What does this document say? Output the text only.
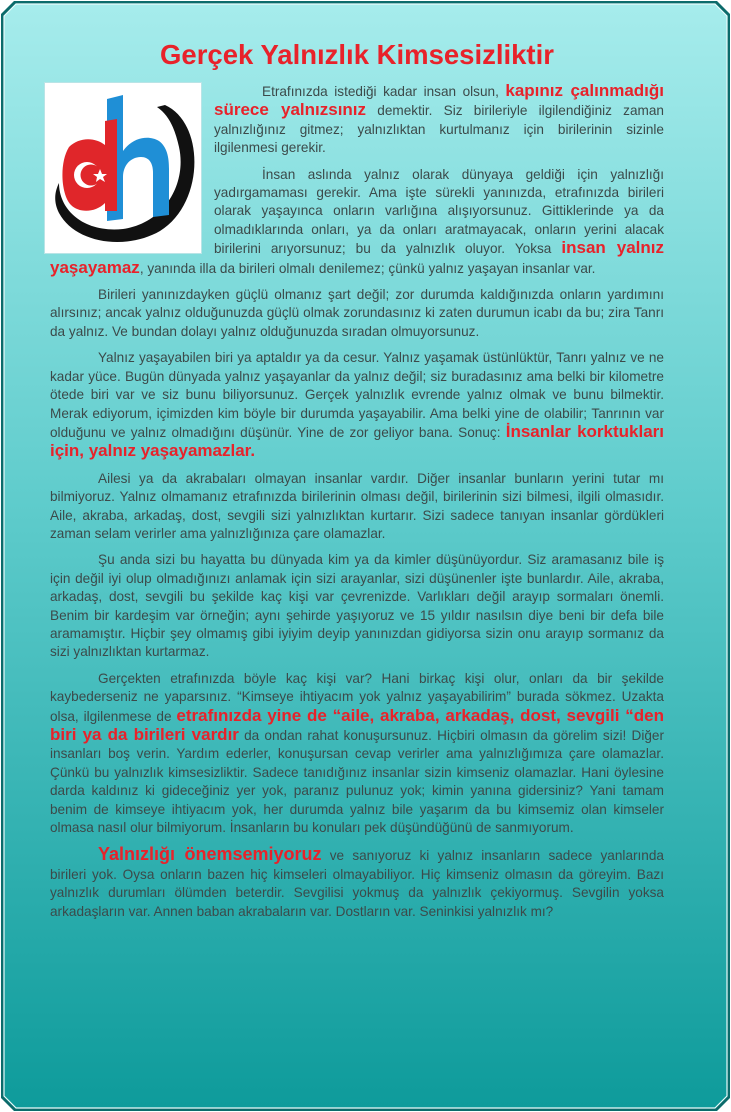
Gerçek Yalnızlık Kimsesizliktir

Etrafınızda istediği kadar insan olsun, kapınız çalınmadığı sürece yalnızsınız demektir. Siz birileriyle ilgilendiğiniz zaman yalnızlığınız gitmez; yalnızlıktan kurtulmanız için birilerinin sizinle ilgilenmesi gerekir.

İnsan aslında yalnız olarak dünyaya geldiği için yalnızlığı yadırgamaması gerekir. Ama işte sürekli yanınızda, etrafınızda birileri olarak yaşayınca onların varlığına alışıyorsunuz. Gittiklerinde ya da olmadıklarında onları, ya da onları aratmayacak, onların yerini alacak birilerini arıyorsunuz; bu da yalnızlık oluyor. Yoksa insan yalnız yaşayamaz, yanında illa da birileri olmalı denilemez; çünkü yalnız yaşayan insanlar var.

Birileri yanınızdayken güçlü olmanız şart değil; zor durumda kaldığınızda onların yardımını alırsınız; ancak yalnız olduğunuzda güçlü olmak zorundasınız ki zaten durumun icabı da bu; zira Tanrı da yalnız. Ve bundan dolayı yalnız olduğunuzda sıradan olmuyorsunuz.

Yalnız yaşayabilen biri ya aptaldır ya da cesur. Yalnız yaşamak üstünlüktür, Tanrı yalnız ve ne kadar yüce. Bugün dünyada yalnız yaşayanlar da yalnız değil; siz buradasınız ama belki bir kilometre ötede biri var ve siz bunu biliyorsunuz. Gerçek yalnızlık evrende yalnız olmak ve bunu bilmektir. Merak ediyorum, içimizden kim böyle bir durumda yaşayabilir. Ama belki yine de olabilir; Tanrının var olduğunu ve yalnız olmadığını düşünür. Yine de zor geliyor bana. Sonuç: İnsanlar korktukları için, yalnız yaşayamazlar.

Ailesi ya da akrabaları olmayan insanlar vardır. Diğer insanlar bunların yerini tutar mı bilmiyoruz. Yalnız olmamanız etrafınızda birilerinin olması değil, birilerinin sizi bilmesi, ilgili olmasıdır. Aile, akraba, arkadaş, dost, sevgili sizi yalnızlıktan kurtarır. Sizi sadece tanıyan insanlar gördükleri zaman selam verirler ama yalnızlığınıza çare olamazlar.

Şu anda sizi bu hayatta bu dünyada kim ya da kimler düşünüyordur. Siz aramasanız bile iş için değil iyi olup olmadığınızı anlamak için sizi arayanlar, sizi düşünenler işte bunlardır. Aile, akraba, arkadaş, dost, sevgili bu şekilde kaç kişi var çevrenizde. Varlıkları değil arayıp sormaları önemli. Benim bir kardeşim var örneğin; aynı şehirde yaşıyoruz ve 15 yıldır nasılsın diye beni bir defa bile aramamıştır. Hiçbir şey olmamış gibi iyiyim deyip yanınızdan gidiyorsa sizin onu arayıp sormanız da sizi yalnızlıktan kurtarmaz.

Gerçekten etrafınızda böyle kaç kişi var? Hani birkaç kişi olur, onları da bir şekilde kaybederseniz ne yaparsınız. “Kimseye ihtiyacım yok yalnız yaşayabilirim” burada sökmez. Uzakta olsa, ilgilenmese de etrafınızda yine de “aile, akraba, arkadaş, dost, sevgili “den biri ya da birileri vardır da ondan rahat konuşursunuz. Hiçbiri olmasın da görelim sizi! Diğer insanları boş verin. Yardım ederler, konuşursan cevap verirler ama yalnızlığımıza çare olamazlar. Çünkü bu yalnızlık kimsesizliktir. Sadece tanıdığınız insanlar sizin kimseniz olamazlar. Hani öylesine darda kaldınız ki gideceğiniz yer yok, paranız pulunuz yok; kimin yanına gidersiniz? Yani tamam benim de kimseye ihtiyacım yok, her durumda yalnız bile yaşarım da bu kimsemiz olan kimseler olmasa nasıl olur bilmiyorum. İnsanların bu konuları pek düşündüğünü de sanmıyorum.

Yalnızlığı önemsemiyoruz ve sanıyoruz ki yalnız insanların sadece yanlarında birileri yok. Oysa onların bazen hiç kimseleri olmayabiliyor. Hiç kimseniz olmasın da göreyim. Bazı yalnızlık durumları ölümden beterdir. Sevgilisi yokmuş da yalnızlık çekiyormuş. Sevgilin yoksa arkadaşların var. Annen baban akrabaların var. Dostların var. Seninkisi yalnızlık mı?
